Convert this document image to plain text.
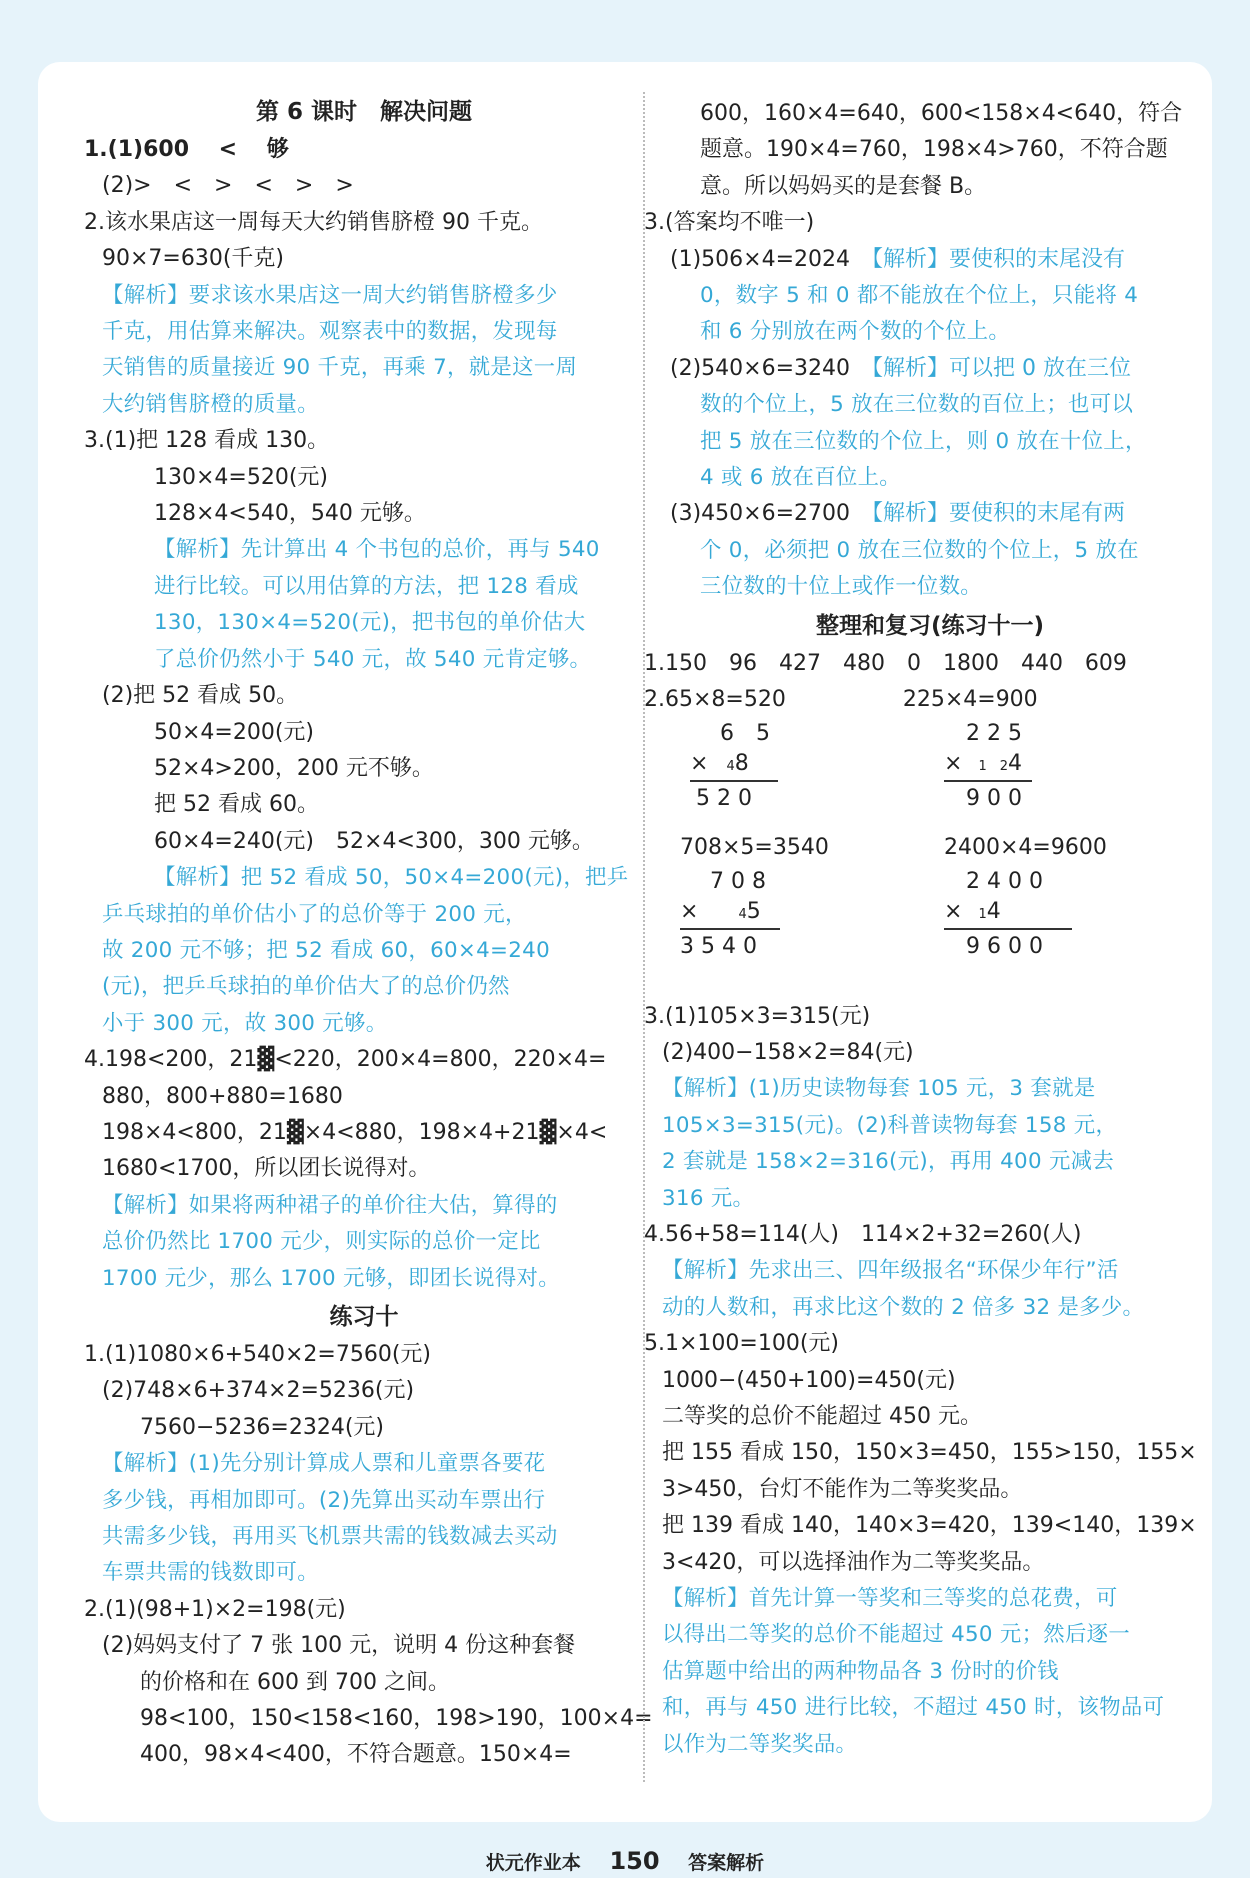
第 6 课时　解决问题
1.(1)600　 <　 够
(2)>　<　>　<　>　>
2.该水果店这一周每天大约销售脐橙 90 千克。
90×7=630(千克)
【解析】要求该水果店这一周大约销售脐橙多少
千克，用估算来解决。观察表中的数据，发现每
天销售的质量接近 90 千克，再乘 7，就是这一周
大约销售脐橙的质量。
3.(1)把 128 看成 130。
130×4=520(元)
128×4<540，540 元够。
【解析】先计算出 4 个书包的总价，再与 540
进行比较。可以用估算的方法，把 128 看成
130，130×4=520(元)，把书包的单价估大
了总价仍然小于 540 元，故 540 元肯定够。
(2)把 52 看成 50。
50×4=200(元)
52×4>200，200 元不够。
把 52 看成 60。
60×4=240(元)　52×4<300，300 元够。
【解析】把 52 看成 50，50×4=200(元)，把乒
乒乓球拍的单价估小了的总价等于 200 元，
故 200 元不够；把 52 看成 60，60×4=240
(元)，把乒乓球拍的单价估大了的总价仍然
小于 300 元，故 300 元够。
4.198<200，21▓<220，200×4=800，220×4=
880，800+880=1680
198×4<800，21▓×4<880，198×4+21▓×4<
1680<1700，所以团长说得对。
【解析】如果将两种裙子的单价往大估，算得的
总价仍然比 1700 元少，则实际的总价一定比
1700 元少，那么 1700 元够，即团长说得对。
练习十
1.(1)1080×6+540×2=7560(元)
(2)748×6+374×2=5236(元)
7560−5236=2324(元)
【解析】(1)先分别计算成人票和儿童票各要花
多少钱，再相加即可。(2)先算出买动车票出行
共需多少钱，再用买飞机票共需的钱数减去买动
车票共需的钱数即可。
2.(1)(98+1)×2=198(元)
(2)妈妈支付了 7 张 100 元，说明 4 份这种套餐
的价格和在 600 到 700 之间。
98<100，150<158<160，198>190，100×4=
400，98×4<400，不符合题意。150×4=
600，160×4=640，600<158×4<640，符合
题意。190×4=760，198×4>760，不符合题
意。所以妈妈买的是套餐 B。
3.(答案均不唯一)
(1)506×4=2024　【解析】要使积的末尾没有
0，数字 5 和 0 都不能放在个位上，只能将 4
和 6 分别放在两个数的个位上。
(2)540×6=3240　【解析】可以把 0 放在三位
数的个位上，5 放在三位数的百位上；也可以
把 5 放在三位数的个位上，则 0 放在十位上，
4 或 6 放在百位上。
(3)450×6=2700　【解析】要使积的末尾有两
个 0，必须把 0 放在三位数的个位上，5 放在
三位数的十位上或作一位数。
整理和复习(练习十一)
1.150　96　427　480　0　1800　440　609
2.65×8=520　　　　　 225×4=900
6　5
× 48
5 2 0
2 2 5
× 1　24
9 0 0
708×5=3540	2400×4=9600
7 0 8
×	45
3 5 4 0
2 4 0 0
× 14
9 6 0 0
3.(1)105×3=315(元)
(2)400−158×2=84(元)
【解析】(1)历史读物每套 105 元，3 套就是
105×3=315(元)。(2)科普读物每套 158 元，
2 套就是 158×2=316(元)，再用 400 元减去
316 元。
4.56+58=114(人)　114×2+32=260(人)
【解析】先求出三、四年级报名“环保少年行”活
动的人数和，再求比这个数的 2 倍多 32 是多少。
5.1×100=100(元)
1000−(450+100)=450(元)
二等奖的总价不能超过 450 元。
把 155 看成 150，150×3=450，155>150，155×
3>450，台灯不能作为二等奖奖品。
把 139 看成 140，140×3=420，139<140，139×
3<420，可以选择油作为二等奖奖品。
【解析】首先计算一等奖和三等奖的总花费，可
以得出二等奖的总价不能超过 450 元；然后逐一
估算题中给出的两种物品各 3 份时的价钱
和，再与 450 进行比较，不超过 450 时，该物品可
以作为二等奖奖品。
状元作业本 150 答案解析
